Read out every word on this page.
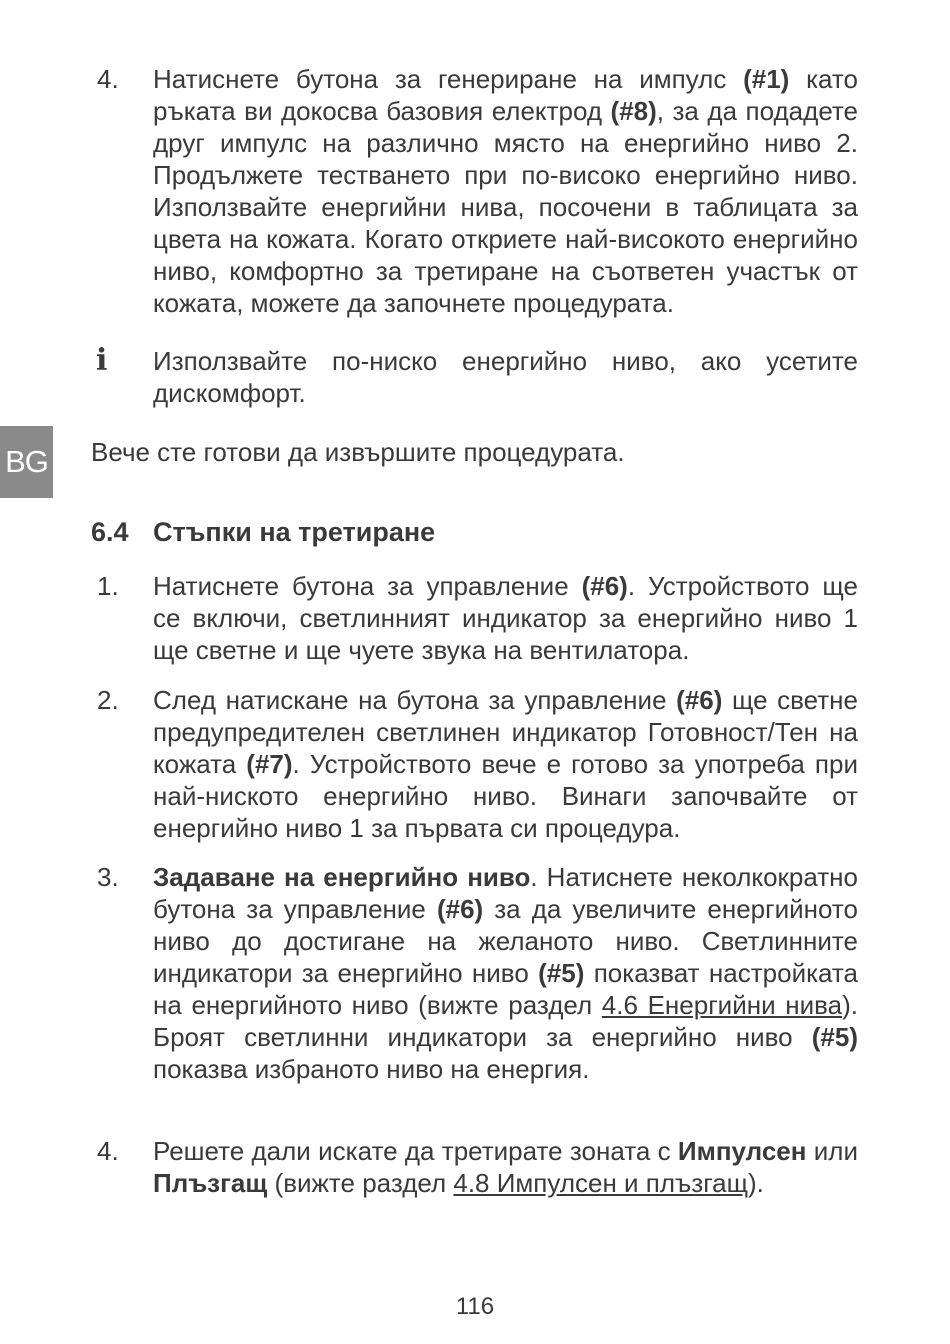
BG
4.	Натиснете бутона за генериране на импулс (#1) като ръката ви докосва базовия електрод (#8), за да подадете друг импулс на различно място на енергийно ниво 2. Продължете тестването при по-високо енергийно ниво. Използвайте енергийни нива, посочени в таблицата за цвета на кожата. Когато откриете най-високото енергийно ниво, комфортно за третиране на съответен участък от кожата, можете да започнете процедурата.
i Използвайте по-ниско енергийно ниво, ако усетите дискомфорт.
Вече сте готови да извършите процедурата.
6.4 Стъпки на третиране
1.	Натиснете бутона за управление (#6). Устройството ще се включи, светлинният индикатор за енергийно ниво 1 ще светне и ще чуете звука на вентилатора.
2.	След натискане на бутона за управление (#6) ще светне предупредителен светлинен индикатор Готовност/Тен на кожата (#7). Устройството вече е готово за употреба при най-ниското енергийно ниво. Винаги започвайте от енергийно ниво 1 за първата си процедура.
3.	Задаване на енергийно ниво. Натиснете неколкократно бутона за управление (#6) за да увеличите енергийното ниво до достигане на желаното ниво. Светлинните индикатори за енергийно ниво (#5) показват настройката на енергийното ниво (вижте раздел 4.6 Енергийни нива). Броят светлинни индикатори за енергийно ниво (#5) показва избраното ниво на енергия.
4.	Решете дали искате да третирате зоната с Импулсен или Плъзгащ (вижте раздел 4.8 Импулсен и плъзгащ).
116
